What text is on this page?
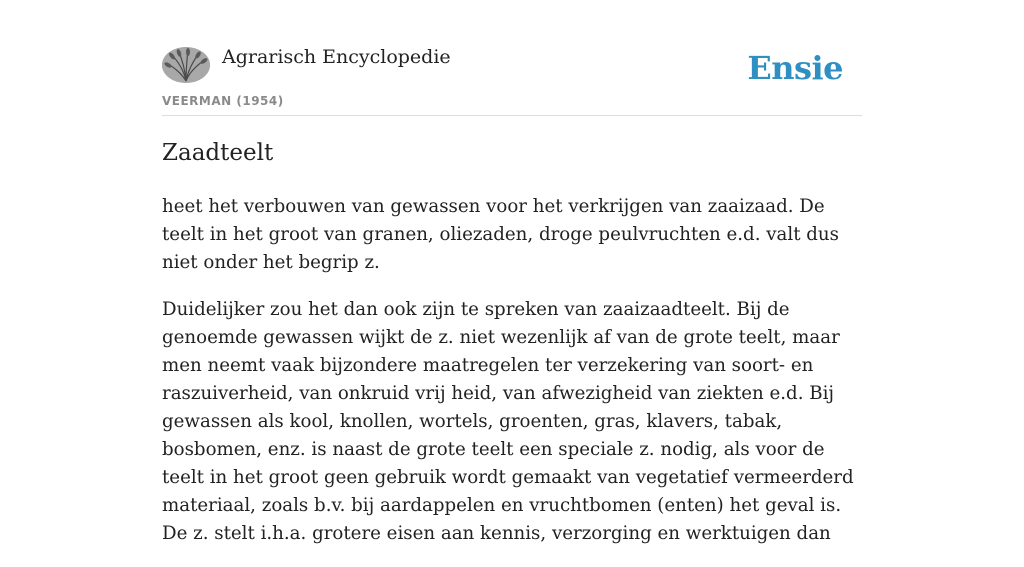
Agrarisch Encyclopedie
VEERMAN (1954)
Ensie
Zaadteelt

heet het verbouwen van gewassen voor het verkrijgen van zaaizaad. De teelt in het groot van granen, oliezaden, droge peulvruchten e.d. valt dus niet onder het begrip z.

Duidelijker zou het dan ook zijn te spreken van zaaizaadteelt. Bij de genoemde gewassen wijkt de z. niet wezenlijk af van de grote teelt, maar men neemt vaak bijzondere maatregelen ter verzekering van soort- en raszuiverheid, van onkruid vrij heid, van afwezigheid van ziekten e.d. Bij gewassen als kool, knollen, wortels, groenten, gras, klavers, tabak, bosbomen, enz. is naast de grote teelt een speciale z. nodig, als voor de teelt in het groot geen gebruik wordt gemaakt van vegetatief vermeerderd materiaal, zoals b.v. bij aardappelen en vruchtbomen (enten) het geval is. De z. stelt i.h.a. grotere eisen aan kennis, verzorging en werktuigen dan
